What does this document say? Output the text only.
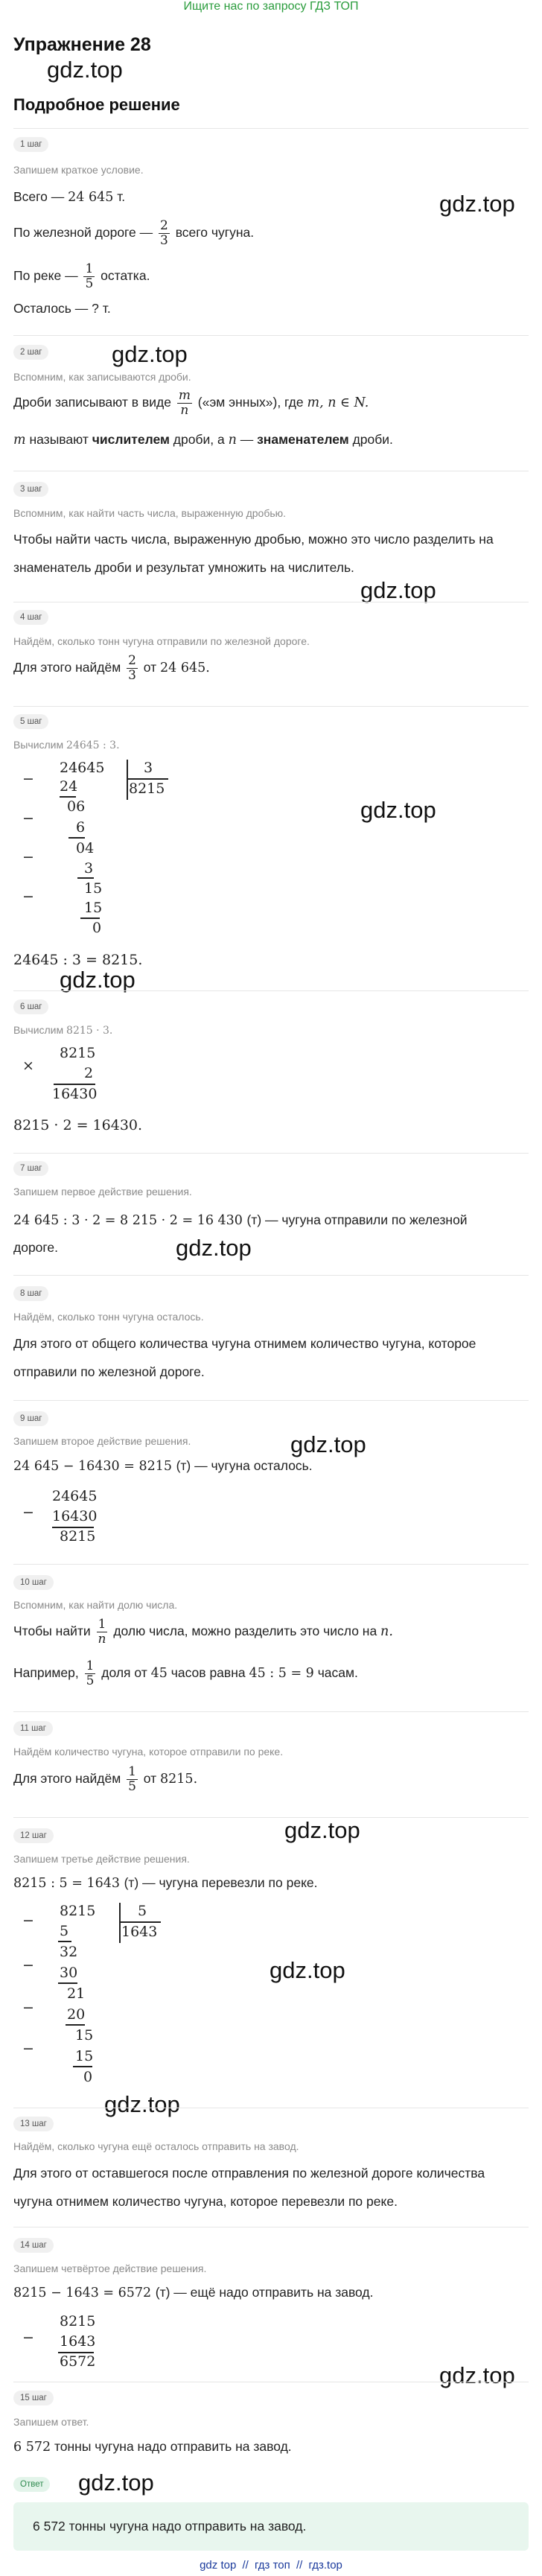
Ищите нас по запросу ГДЗ ТОП
Упражнение 28
gdz.top
Подробное решение
1 шаг
Запишем краткое условие.
Всего — 24 645 т.
По железной дороге — $\frac{2}{3}$ всего чугуна.
gdz.top
По реке — $\frac{1}{5}$ остатка.
Осталось — ? т.
2 шаг	gdz.top
Вспомним, как записываются дроби.
Дроби записывают в виде $\frac{m}{n}$ («эм энных»), где m, n ∈ N.
m называют числителем дроби, а n — знаменателем дроби.
3 шаг
Вспомним, как найти часть числа, выраженную дробью.
Чтобы найти часть числа, выраженную дробью, можно это число разделить на
знаменатель дроби и результат умножить на числитель.
gdz.top
4 шаг
Найдём, сколько тонн чугуна отправили по железной дороге.
Для этого найдём $\frac{2}{3}$ от 24 645.
5 шаг
Вычислим 24645 : 3.
gdz.top
−
24645	3
8215
24
06
−
6
04
−
3
15
−
15
0
24645 : 3 = 8215.
gdz.top
6 шаг
Вычислим 8215 · 3.
×
8215
2
16430
8215 · 2 = 16430.
7 шаг
Запишем первое действие решения.
24 645 : 3 · 2 = 8 215 · 2 = 16 430 (т) — чугуна отправили по железной
дороге.	gdz.top
8 шаг
Найдём, сколько тонн чугуна осталось.
Для этого от общего количества чугуна отнимем количество чугуна, которое
отправили по железной дороге.
9 шаг
gdz.top
Запишем второе действие решения.
24 645 − 16430 = 8215 (т) — чугуна осталось.
−
24645
16430
8215
10 шаг
Вспомним, как найти долю числа.
Чтобы найти $\frac{1}{n}$ долю числа, можно разделить это число на n.
Например, $\frac{1}{5}$ доля от 45 часов равна 45 : 5 = 9 часам.
11 шаг
Найдём количество чугуна, которое отправили по реке.
Для этого найдём $\frac{1}{5}$ от 8215.
gdz.top
12 шаг
Запишем третье действие решения.
8215 : 5 = 1643 (т) — чугуна перевезли по реке.
−
8215	5
1643
5
32
− 30
21
− 20
15
−	15
0
gdz.top
gdz.top
13 шаг
Найдём, сколько чугуна ещё осталось отправить на завод.
Для этого от оставшегося после отправления по железной дороге количества
чугуна отнимем количество чугуна, которое перевезли по реке.
14 шаг
Запишем четвёртое действие решения.
8215 − 1643 = 6572 (т) — ещё надо отправить на завод.
−
8215
1643
6572
gdz.top
15 шаг
Запишем ответ.
6 572 тонны чугуна надо отправить на завод.
Ответ gdz.top
6 572 тонны чугуна надо отправить на завод.
gdz top // гдз топ // гдз.top
